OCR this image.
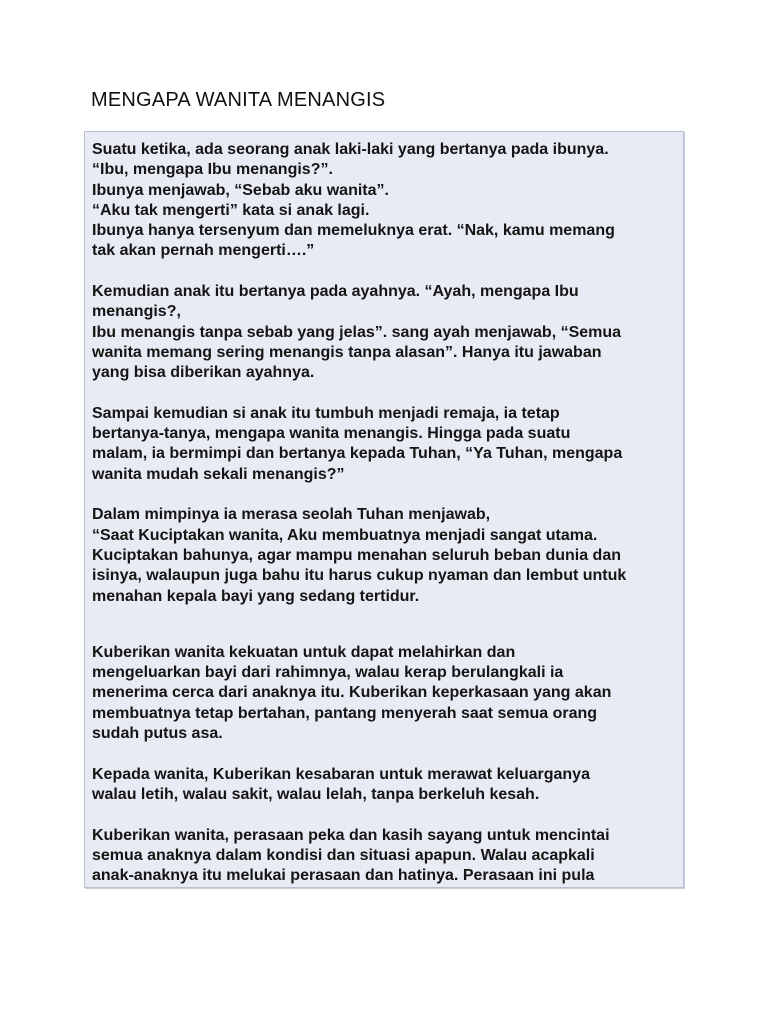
MENGAPA WANITA MENANGIS

Suatu ketika, ada seorang anak laki-laki yang bertanya pada ibunya.
“Ibu, mengapa Ibu menangis?”.
Ibunya menjawab, “Sebab aku wanita”.
“Aku tak mengerti” kata si anak lagi.
Ibunya hanya tersenyum dan memeluknya erat. “Nak, kamu memang
tak akan pernah mengerti….”

Kemudian anak itu bertanya pada ayahnya. “Ayah, mengapa Ibu
menangis?,
Ibu menangis tanpa sebab yang jelas”. sang ayah menjawab, “Semua
wanita memang sering menangis tanpa alasan”. Hanya itu jawaban
yang bisa diberikan ayahnya.

Sampai kemudian si anak itu tumbuh menjadi remaja, ia tetap
bertanya-tanya, mengapa wanita menangis. Hingga pada suatu
malam, ia bermimpi dan bertanya kepada Tuhan, “Ya Tuhan, mengapa
wanita mudah sekali menangis?”

Dalam mimpinya ia merasa seolah Tuhan menjawab,
“Saat Kuciptakan wanita, Aku membuatnya menjadi sangat utama.
Kuciptakan bahunya, agar mampu menahan seluruh beban dunia dan
isinya, walaupun juga bahu itu harus cukup nyaman dan lembut untuk
menahan kepala bayi yang sedang tertidur.

Kuberikan wanita kekuatan untuk dapat melahirkan dan
mengeluarkan bayi dari rahimnya, walau kerap berulangkali ia
menerima cerca dari anaknya itu. Kuberikan keperkasaan yang akan
membuatnya tetap bertahan, pantang menyerah saat semua orang
sudah putus asa.

Kepada wanita, Kuberikan kesabaran untuk merawat keluarganya
walau letih, walau sakit, walau lelah, tanpa berkeluh kesah.

Kuberikan wanita, perasaan peka dan kasih sayang untuk mencintai
semua anaknya dalam kondisi dan situasi apapun. Walau acapkali
anak-anaknya itu melukai perasaan dan hatinya. Perasaan ini pula
